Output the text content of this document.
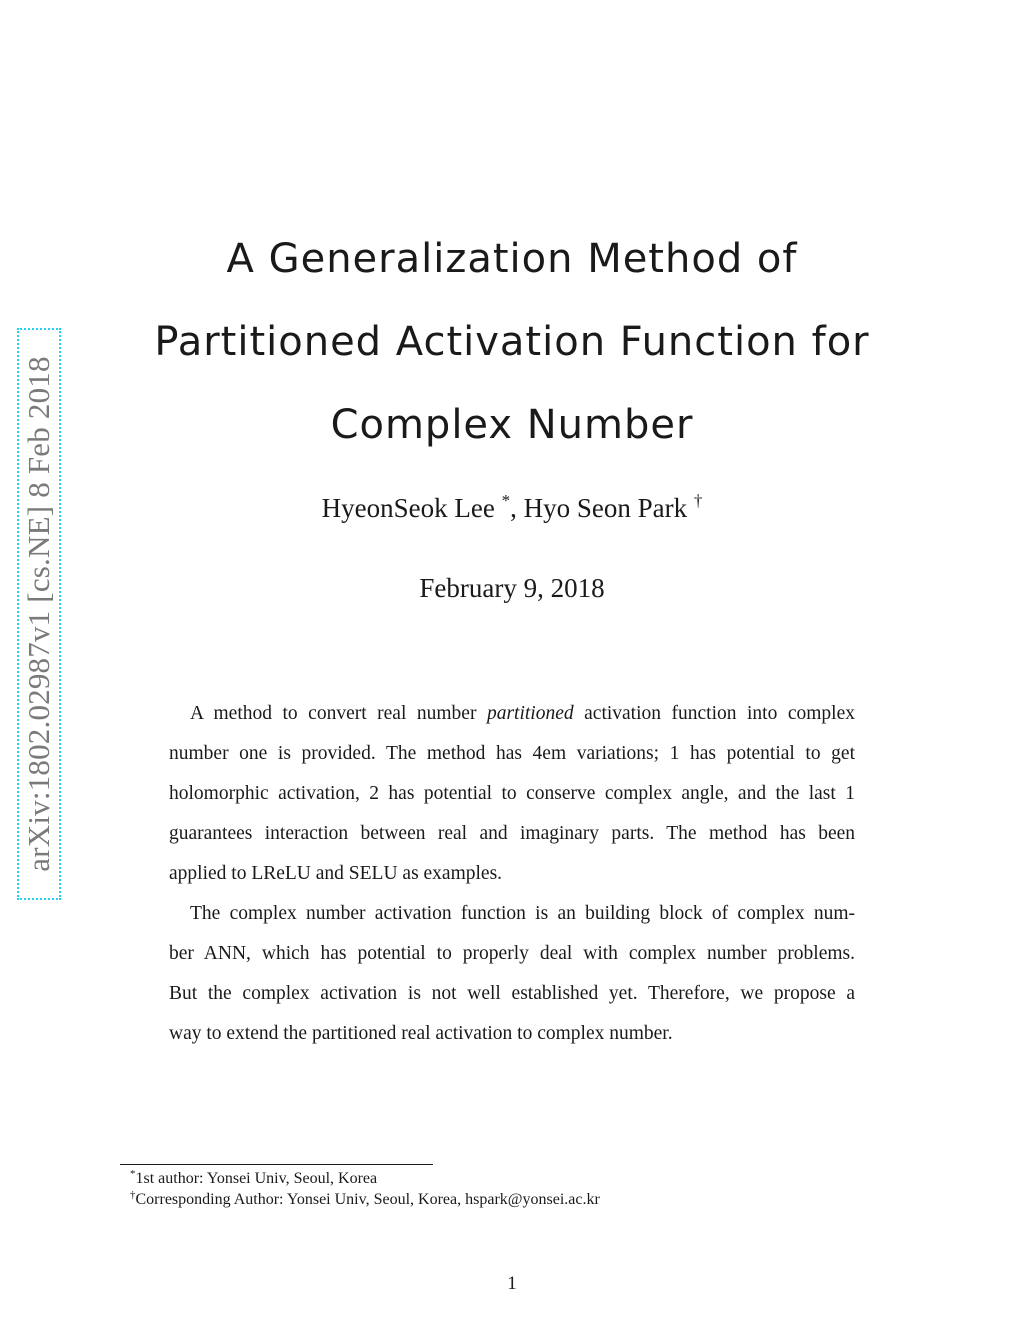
arXiv:1802.02987v1 [cs.NE] 8 Feb 2018
A Generalization Method of
Partitioned Activation Function for
Complex Number
HyeonSeok Lee *, Hyo Seon Park †
February 9, 2018
A method to convert real number partitioned activation function into complex
number one is provided. The method has 4em variations; 1 has potential to get
holomorphic activation, 2 has potential to conserve complex angle, and the last 1
guarantees interaction between real and imaginary parts. The method has been
applied to LReLU and SELU as examples.
The complex number activation function is an building block of complex num-
ber ANN, which has potential to properly deal with complex number problems.
But the complex activation is not well established yet. Therefore, we propose a
way to extend the partitioned real activation to complex number.
*1st author: Yonsei Univ, Seoul, Korea
†Corresponding Author: Yonsei Univ, Seoul, Korea, hspark@yonsei.ac.kr
1
